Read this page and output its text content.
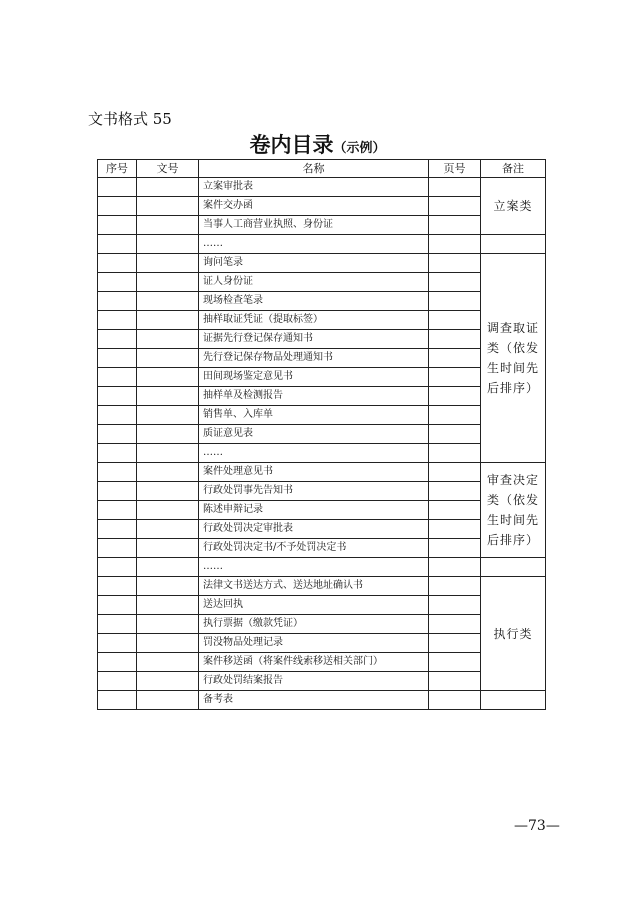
文书格式 55
卷内目录（示例）
序号	文号	名称	页号	备注
		立案审批表		立案类
		案件交办函		
		当事人工商营业执照、身份证		
		……		
		询问笔录		调查取证类（依发生时间先后排序）
		证人身份证		
		现场检查笔录		
		抽样取证凭证（提取标签）		
		证据先行登记保存通知书		
		先行登记保存物品处理通知书		
		田间现场鉴定意见书		
		抽样单及检测报告		
		销售单、入库单		
		质证意见表		
		……		
		案件处理意见书		审查决定类（依发生时间先后排序）
		行政处罚事先告知书		
		陈述申辩记录		
		行政处罚决定审批表		
		行政处罚决定书/不予处罚决定书		
		……		
		法律文书送达方式、送达地址确认书		执行类
		送达回执		
		执行票据（缴款凭证）		
		罚没物品处理记录		
		案件移送函（将案件线索移送相关部门）		
		行政处罚结案报告		
		备考表		
—73—
